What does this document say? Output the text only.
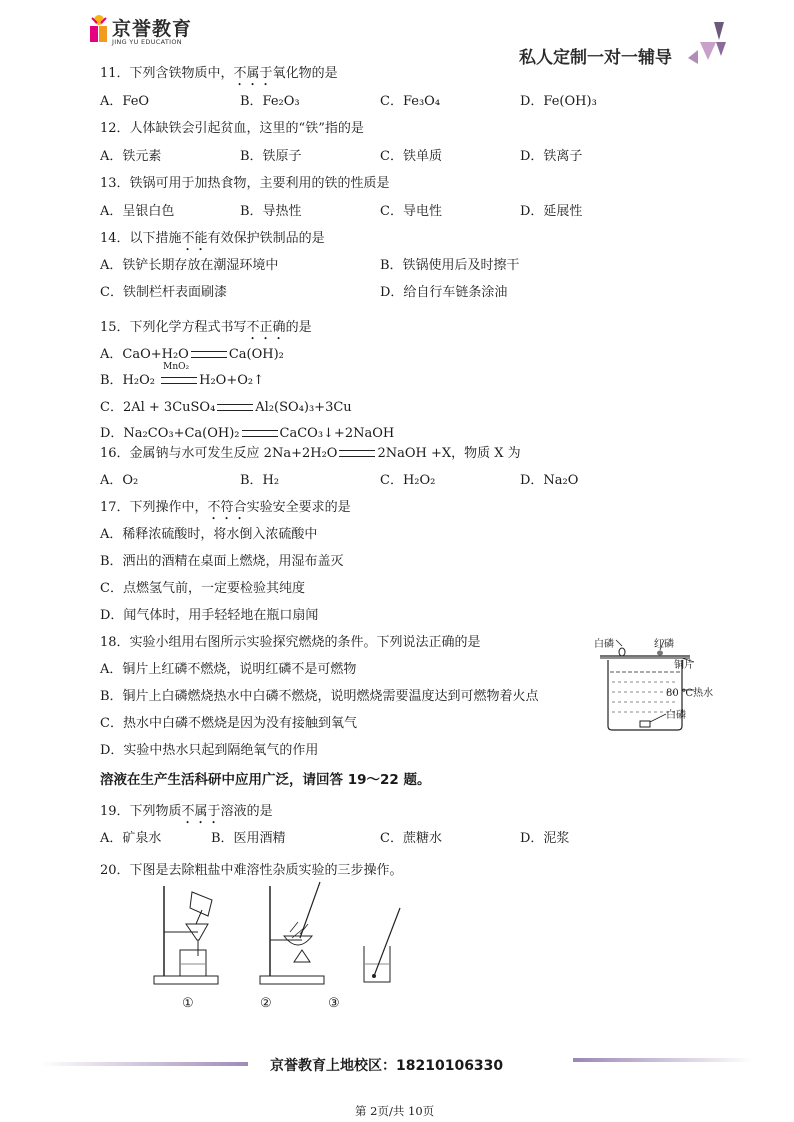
京誉教育
JING YU EDUCATION
私人定制一对一辅导
11．下列含铁物质中，不属于氧化物的是
A．FeO	B．Fe₂O₃	C．Fe₃O₄	D．Fe(OH)₃
12．人体缺铁会引起贫血，这里的“铁”指的是
A．铁元素	B．铁原子	C．铁单质	D．铁离子
13．铁锅可用于加热食物，主要利用的铁的性质是
A．呈银白色	B．导热性	C．导电性	D．延展性
14．以下措施不能有效保护铁制品的是
A．铁铲长期存放在潮湿环境中	B．铁锅使用后及时擦干
C．铁制栏杆表面刷漆	D．给自行车链条涂油
15．下列化学方程式书写不正确的是
A．CaO+H₂O	Ca(OH)₂
B．H₂O₂
MnO₂
H₂O+O₂↑
C．2Al + 3CuSO₄	Al₂(SO₄)₃+3Cu
D．Na₂CO₃+Ca(OH)₂	CaCO₃↓+2NaOH
16．金属钠与水可发生反应 2Na+2H₂O	2NaOH +X，物质 X 为
A．O₂	B．H₂	C．H₂O₂	D．Na₂O
17．下列操作中，不符合实验安全要求的是
A．稀释浓硫酸时，将水倒入浓硫酸中
B．洒出的酒精在桌面上燃烧，用湿布盖灭
C．点燃氢气前，一定要检验其纯度
D．闻气体时，用手轻轻地在瓶口扇闻
18．实验小组用右图所示实验探究燃烧的条件。下列说法正确的是
A．铜片上红磷不燃烧，说明红磷不是可燃物
B．铜片上白磷燃烧热水中白磷不燃烧，说明燃烧需要温度达到可燃物着火点
C．热水中白磷不燃烧是因为没有接触到氧气
D．实验中热水只起到隔绝氧气的作用
白磷	红磷
铜片
80 ℃热水
白磷
溶液在生产生活科研中应用广泛，请回答 19～22 题。
19．下列物质不属于溶液的是
A．矿泉水	B．医用酒精	C．蔗糖水	D．泥浆
20．下图是去除粗盐中难溶性杂质实验的三步操作。
①	②	③
京誉教育上地校区：18210106330
第 2页/共 10页
